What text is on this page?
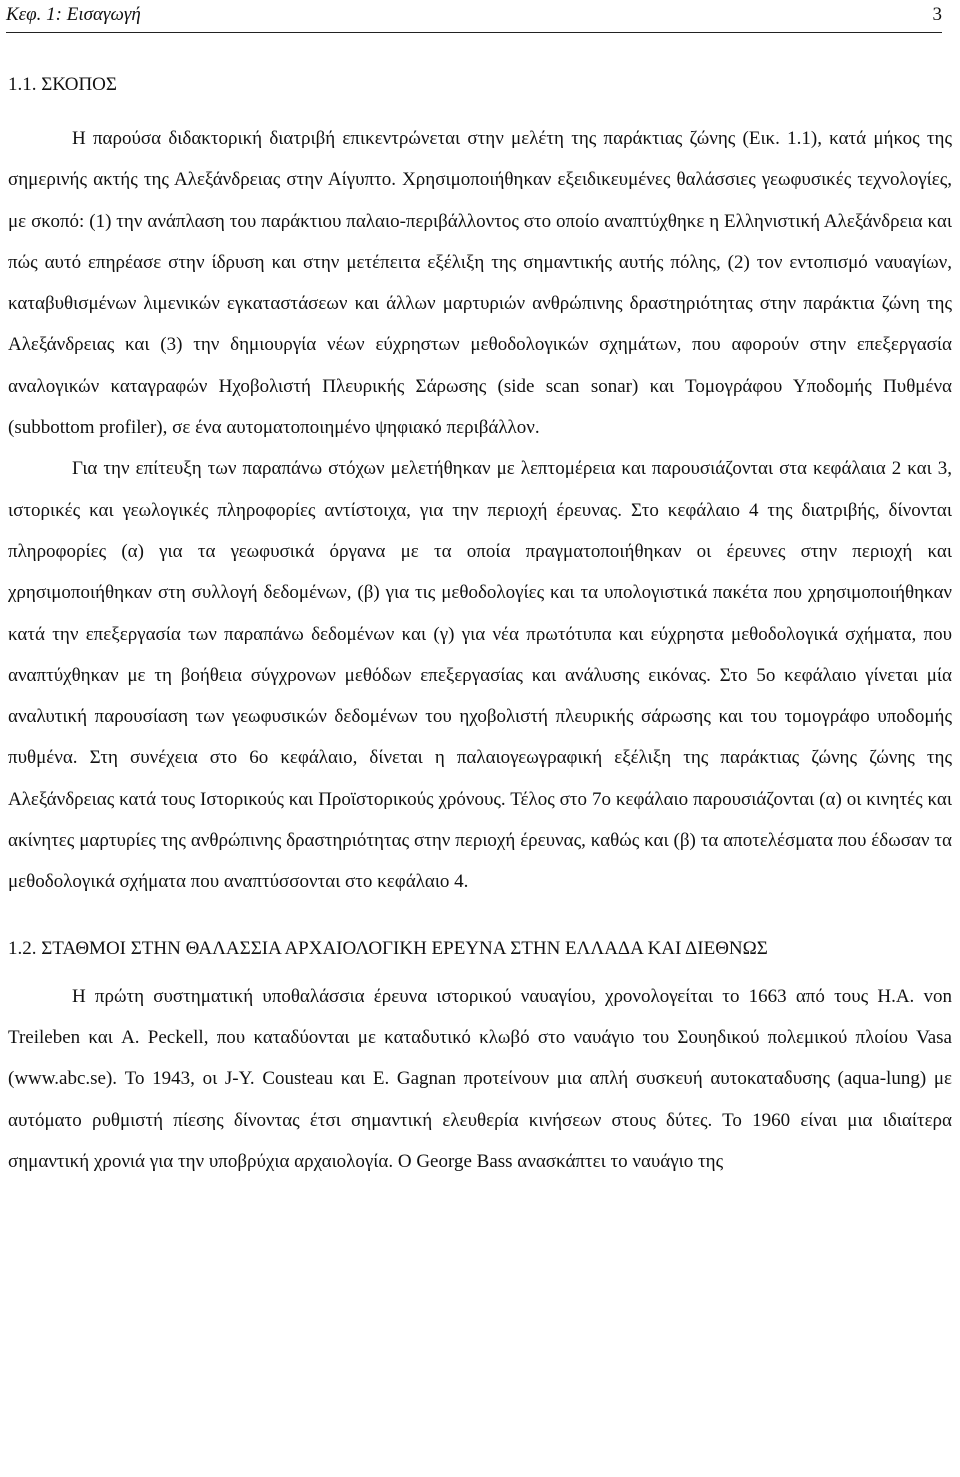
Κεφ. 1: Εισαγωγή	3
1.1. ΣΚΟΠΟΣ

Η παρούσα διδακτορική διατριβή επικεντρώνεται στην μελέτη της παράκτιας ζώνης (Εικ. 1.1), κατά μήκος της σημερινής ακτής της Αλεξάνδρειας στην Αίγυπτο. Χρησιμοποιήθηκαν εξειδικευμένες θαλάσσιες γεωφυσικές τεχνολογίες, με σκοπό: (1) την ανάπλαση του παράκτιου παλαιο-περιβάλλοντος στο οποίο αναπτύχθηκε η Ελληνιστική Αλεξάνδρεια και πώς αυτό επηρέασε στην ίδρυση και στην μετέπειτα εξέλιξη της σημαντικής αυτής πόλης, (2) τον εντοπισμό ναυαγίων, καταβυθισμένων λιμενικών εγκαταστάσεων και άλλων μαρτυριών ανθρώπινης δραστηριότητας στην παράκτια ζώνη της Αλεξάνδρειας και (3) την δημιουργία νέων εύχρηστων μεθοδολογικών σχημάτων, που αφορούν στην επεξεργασία αναλογικών καταγραφών Ηχοβολιστή Πλευρικής Σάρωσης (side scan sonar) και Τομογράφου Υποδομής Πυθμένα (subbottom profiler), σε ένα αυτοματοποιημένο ψηφιακό περιβάλλον.

Για την επίτευξη των παραπάνω στόχων μελετήθηκαν με λεπτομέρεια και παρουσιάζονται στα κεφάλαια 2 και 3, ιστορικές και γεωλογικές πληροφορίες αντίστοιχα, για την περιοχή έρευνας. Στο κεφάλαιο 4 της διατριβής, δίνονται πληροφορίες (α) για τα γεωφυσικά όργανα με τα οποία πραγματοποιήθηκαν οι έρευνες στην περιοχή και χρησιμοποιήθηκαν στη συλλογή δεδομένων, (β) για τις μεθοδολογίες και τα υπολογιστικά πακέτα που χρησιμοποιήθηκαν κατά την επεξεργασία των παραπάνω δεδομένων και (γ) για νέα πρωτότυπα και εύχρηστα μεθοδολογικά σχήματα, που αναπτύχθηκαν με τη βοήθεια σύγχρονων μεθόδων επεξεργασίας και ανάλυσης εικόνας. Στο 5ο κεφάλαιο γίνεται μία αναλυτική παρουσίαση των γεωφυσικών δεδομένων του ηχοβολιστή πλευρικής σάρωσης και του τομογράφο υποδομής πυθμένα. Στη συνέχεια στο 6ο κεφάλαιο, δίνεται η παλαιογεωγραφική εξέλιξη της παράκτιας ζώνης ζώνης της Αλεξάνδρειας κατά τους Ιστορικούς και Προϊστορικούς χρόνους. Τέλος στο 7ο κεφάλαιο παρουσιάζονται (α) οι κινητές και ακίνητες μαρτυρίες της ανθρώπινης δραστηριότητας στην περιοχή έρευνας, καθώς και (β) τα αποτελέσματα που έδωσαν τα μεθοδολογικά σχήματα που αναπτύσσονται στο κεφάλαιο 4.

1.2. ΣΤΑΘΜΟΙ ΣΤΗΝ ΘΑΛΑΣΣΙΑ ΑΡΧΑΙΟΛΟΓΙΚΗ ΕΡΕΥΝΑ ΣΤΗΝ ΕΛΛΑΔΑ ΚΑΙ ΔΙΕΘΝΩΣ

Η πρώτη συστηματική υποθαλάσσια έρευνα ιστορικού ναυαγίου, χρονολογείται το 1663 από τους H.A. von Treileben και A. Peckell, που καταδύονται με καταδυτικό κλωβό στο ναυάγιο του Σουηδικού πολεμικού πλοίου Vasa (www.abc.se). Το 1943, οι J-Y. Cousteau και E. Gagnan προτείνουν μια απλή συσκευή αυτοκαταδυσης (aqua-lung) με αυτόματο ρυθμιστή πίεσης δίνοντας έτσι σημαντική ελευθερία κινήσεων στους δύτες. Το 1960 είναι μια ιδιαίτερα σημαντική χρονιά για την υποβρύχια αρχαιολογία. Ο George Bass ανασκάπτει το ναυάγιο της
